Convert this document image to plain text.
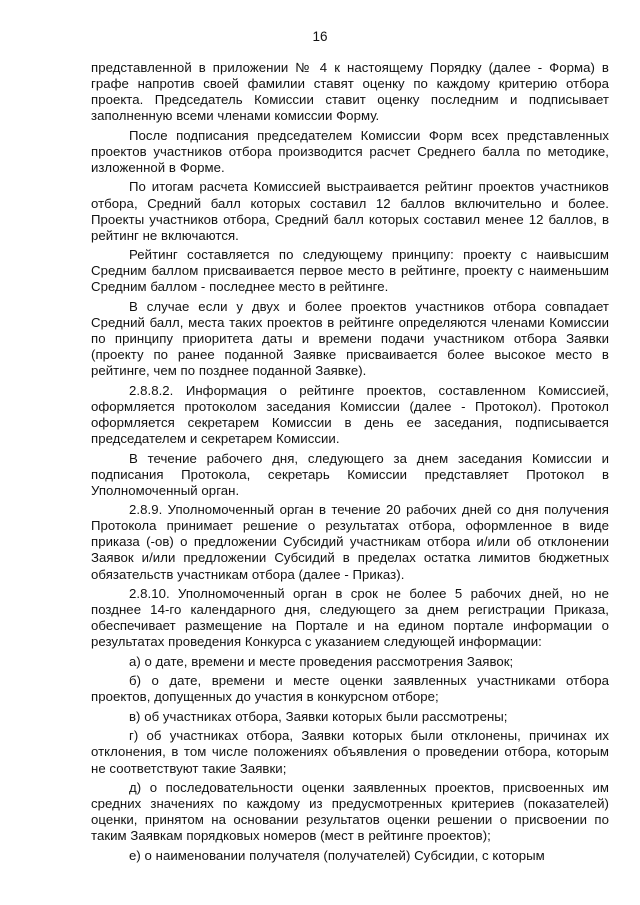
16

представленной в приложении № 4 к настоящему Порядку (далее - Форма) в графе напротив своей фамилии ставят оценку по каждому критерию отбора проекта. Председатель Комиссии ставит оценку последним и подписывает заполненную всеми членами комиссии Форму.

После подписания председателем Комиссии Форм всех представленных проектов участников отбора производится расчет Среднего балла по методике, изложенной в Форме.

По итогам расчета Комиссией выстраивается рейтинг проектов участников отбора, Средний балл которых составил 12 баллов включительно и более. Проекты участников отбора, Средний балл которых составил менее 12 баллов, в рейтинг не включаются.

Рейтинг составляется по следующему принципу: проекту с наивысшим Средним баллом присваивается первое место в рейтинге, проекту с наименьшим Средним баллом - последнее место в рейтинге.

В случае если у двух и более проектов участников отбора совпадает Средний балл, места таких проектов в рейтинге определяются членами Комиссии по принципу приоритета даты и времени подачи участником отбора Заявки (проекту по ранее поданной Заявке присваивается более высокое место в рейтинге, чем по позднее поданной Заявке).

2.8.8.2. Информация о рейтинге проектов, составленном Комиссией, оформляется протоколом заседания Комиссии (далее - Протокол). Протокол оформляется секретарем Комиссии в день ее заседания, подписывается председателем и секретарем Комиссии.

В течение рабочего дня, следующего за днем заседания Комиссии и подписания Протокола, секретарь Комиссии представляет Протокол в Уполномоченный орган.

2.8.9. Уполномоченный орган в течение 20 рабочих дней со дня получения Протокола принимает решение о результатах отбора, оформленное в виде приказа (-ов) о предложении Субсидий участникам отбора и/или об отклонении Заявок и/или предложении Субсидий в пределах остатка лимитов бюджетных обязательств участникам отбора (далее - Приказ).

2.8.10. Уполномоченный орган в срок не более 5 рабочих дней, но не позднее 14-го календарного дня, следующего за днем регистрации Приказа, обеспечивает размещение на Портале и на едином портале информации о результатах проведения Конкурса с указанием следующей информации:

а) о дате, времени и месте проведения рассмотрения Заявок;

б) о дате, времени и месте оценки заявленных участниками отбора проектов, допущенных до участия в конкурсном отборе;

в) об участниках отбора, Заявки которых были рассмотрены;

г) об участниках отбора, Заявки которых были отклонены, причинах их отклонения, в том числе положениях объявления о проведении отбора, которым не соответствуют такие Заявки;

д) о последовательности оценки заявленных проектов, присвоенных им средних значениях по каждому из предусмотренных критериев (показателей) оценки, принятом на основании результатов оценки решении о присвоении по таким Заявкам порядковых номеров (мест в рейтинге проектов);

е) о наименовании получателя (получателей) Субсидии, с которым
